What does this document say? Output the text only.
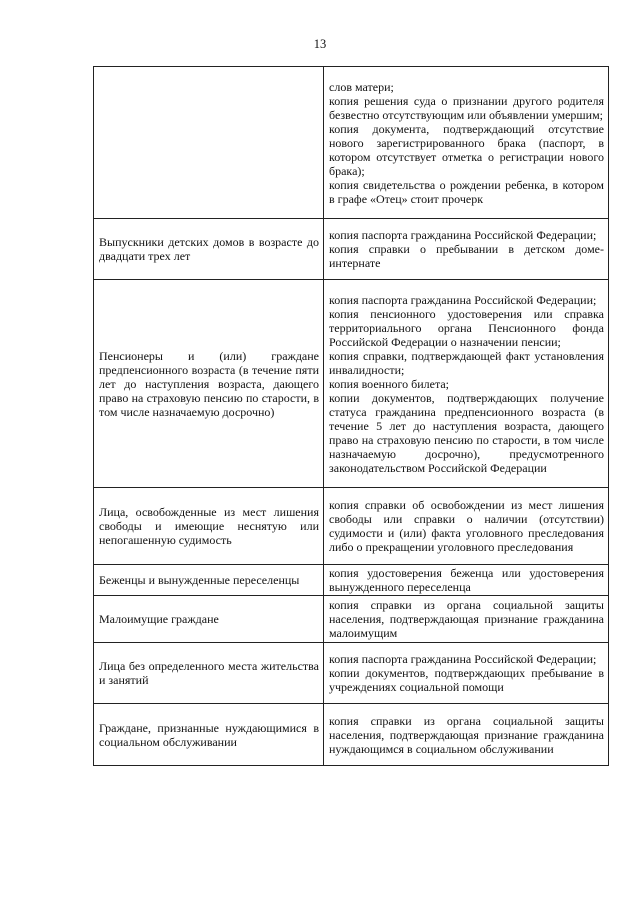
13

	слов матери;
копия решения суда о признании другого родителя безвестно отсутствующим или объявлении умершим;
копия документа, подтверждающий отсутствие нового зарегистрированного брака (паспорт, в котором отсутствует отметка о регистрации нового брака);
копия свидетельства о рождении ребенка, в котором в графе «Отец» стоит прочерк

Выпускники детских домов в возрасте до двадцати трех лет	копия паспорта гражданина Российской Федерации;
копия справки о пребывании в детском доме-интернате

Пенсионеры и (или) граждане предпенсионного возраста (в течение пяти лет до наступления возраста, дающего право на страховую пенсию по старости, в том числе назначаемую досрочно)	копия паспорта гражданина Российской Федерации;
копия пенсионного удостоверения или справка территориального органа Пенсионного фонда Российской Федерации о назначении пенсии;
копия справки, подтверждающей факт установления инвалидности;
копия военного билета;
копии документов, подтверждающих получение статуса гражданина предпенсионного возраста (в течение 5 лет до наступления возраста, дающего право на страховую пенсию по старости, в том числе назначаемую досрочно), предусмотренного законодательством Российской Федерации

Лица, освобожденные из мест лишения свободы и имеющие неснятую или непогашенную судимость	копия справки об освобождении из мест лишения свободы или справки о наличии (отсутствии) судимости и (или) факта уголовного преследования либо о прекращении уголовного преследования

Беженцы и вынужденные переселенцы	копия удостоверения беженца или удостоверения вынужденного переселенца

Малоимущие граждане	копия справки из органа социальной защиты населения, подтверждающая признание гражданина малоимущим

Лица без определенного места жительства и занятий	копия паспорта гражданина Российской Федерации;
копии документов, подтверждающих пребывание в учреждениях социальной помощи

Граждане, признанные нуждающимися в социальном обслуживании	копия справки из органа социальной защиты населения, подтверждающая признание гражданина нуждающимся в социальном обслуживании
